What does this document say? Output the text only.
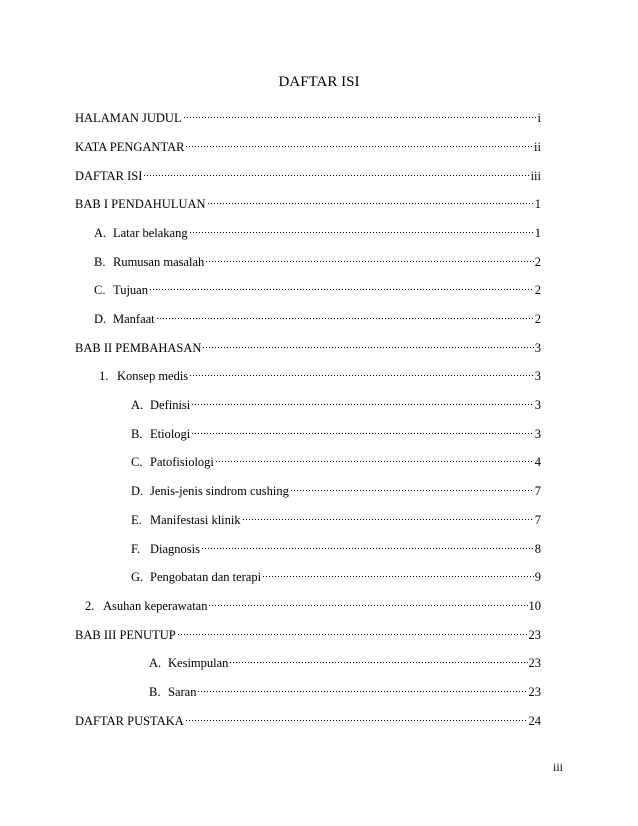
DAFTAR ISI
HALAMAN JUDUL	i
KATA PENGANTAR	ii
DAFTAR ISI	iii
BAB I PENDAHULUAN	1
A. Latar belakang	1
B. Rumusan masalah	2
C. Tujuan	2
D. Manfaat	2
BAB II PEMBAHASAN	3
1. Konsep medis	3
A. Definisi	3
B. Etiologi	3
C. Patofisiologi	4
D. Jenis-jenis sindrom cushing	7
E. Manifestasi klinik	7
F. Diagnosis	8
G. Pengobatan dan terapi	9
2. Asuhan keperawatan	10
BAB III PENUTUP	23
A. Kesimpulan	23
B. Saran	23
DAFTAR PUSTAKA	24
iii
